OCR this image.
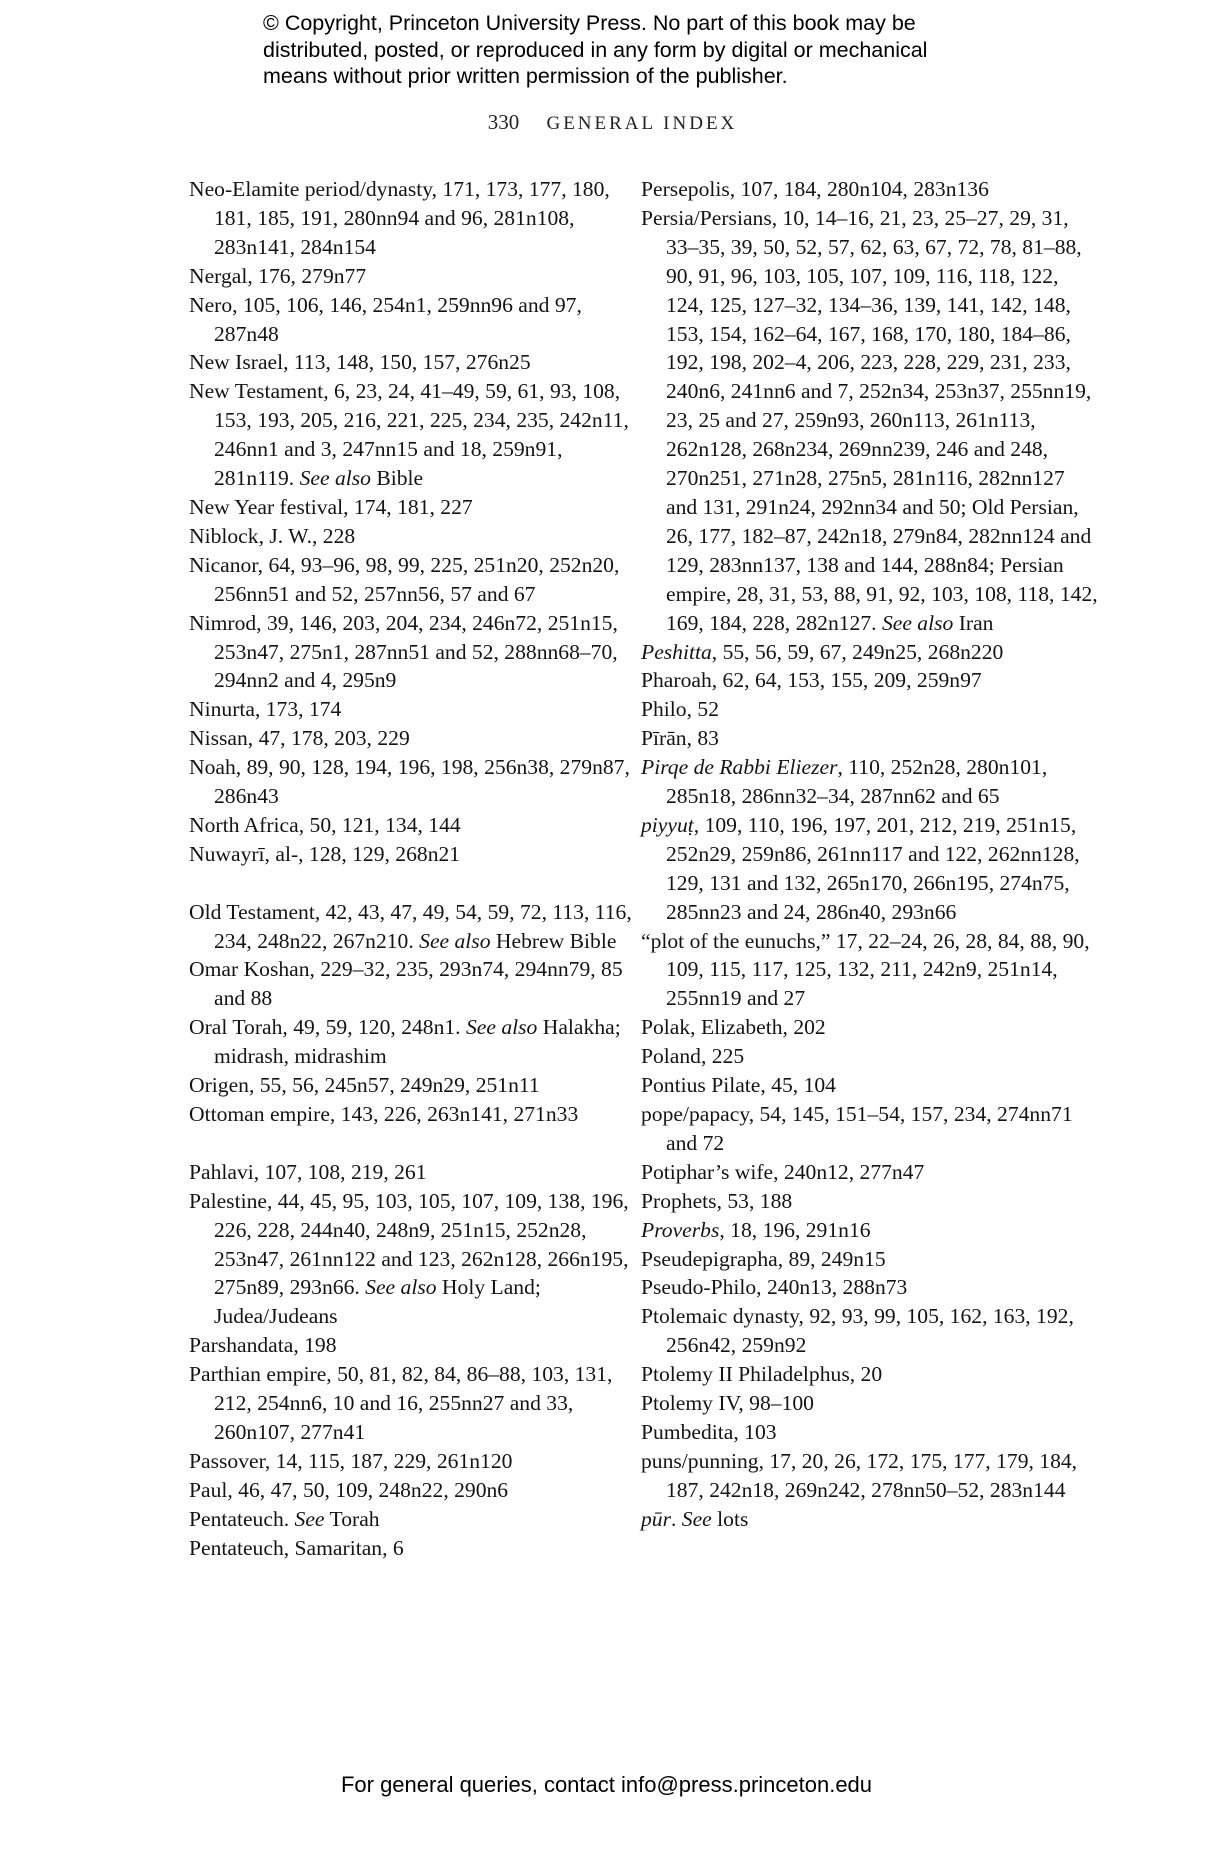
© Copyright, Princeton University Press. No part of this book may be
distributed, posted, or reproduced in any form by digital or mechanical
means without prior written permission of the publisher.
330 GENERAL INDEX
Neo-Elamite period/dynasty, 171, 173, 177, 180, 181, 185, 191, 280nn94 and 96, 281n108, 283n141, 284n154
Nergal, 176, 279n77
Nero, 105, 106, 146, 254n1, 259nn96 and 97, 287n48
New Israel, 113, 148, 150, 157, 276n25
New Testament, 6, 23, 24, 41–49, 59, 61, 93, 108, 153, 193, 205, 216, 221, 225, 234, 235, 242n11, 246nn1 and 3, 247nn15 and 18, 259n91, 281n119. See also Bible
New Year festival, 174, 181, 227
Niblock, J. W., 228
Nicanor, 64, 93–96, 98, 99, 225, 251n20, 252n20, 256nn51 and 52, 257nn56, 57 and 67
Nimrod, 39, 146, 203, 204, 234, 246n72, 251n15, 253n47, 275n1, 287nn51 and 52, 288nn68–70, 294nn2 and 4, 295n9
Ninurta, 173, 174
Nissan, 47, 178, 203, 229
Noah, 89, 90, 128, 194, 196, 198, 256n38, 279n87, 286n43
North Africa, 50, 121, 134, 144
Nuwayrī, al-, 128, 129, 268n21
Old Testament, 42, 43, 47, 49, 54, 59, 72, 113, 116, 234, 248n22, 267n210. See also Hebrew Bible
Omar Koshan, 229–32, 235, 293n74, 294nn79, 85 and 88
Oral Torah, 49, 59, 120, 248n1. See also Halakha; midrash, midrashim
Origen, 55, 56, 245n57, 249n29, 251n11
Ottoman empire, 143, 226, 263n141, 271n33
Pahlavi, 107, 108, 219, 261
Palestine, 44, 45, 95, 103, 105, 107, 109, 138, 196, 226, 228, 244n40, 248n9, 251n15, 252n28, 253n47, 261nn122 and 123, 262n128, 266n195, 275n89, 293n66. See also Holy Land; Judea/Judeans
Parshandata, 198
Parthian empire, 50, 81, 82, 84, 86–88, 103, 131, 212, 254nn6, 10 and 16, 255nn27 and 33, 260n107, 277n41
Passover, 14, 115, 187, 229, 261n120
Paul, 46, 47, 50, 109, 248n22, 290n6
Pentateuch. See Torah
Pentateuch, Samaritan, 6
Persepolis, 107, 184, 280n104, 283n136
Persia/Persians, 10, 14–16, 21, 23, 25–27, 29, 31, 33–35, 39, 50, 52, 57, 62, 63, 67, 72, 78, 81–88, 90, 91, 96, 103, 105, 107, 109, 116, 118, 122, 124, 125, 127–32, 134–36, 139, 141, 142, 148, 153, 154, 162–64, 167, 168, 170, 180, 184–86, 192, 198, 202–4, 206, 223, 228, 229, 231, 233, 240n6, 241nn6 and 7, 252n34, 253n37, 255nn19, 23, 25 and 27, 259n93, 260n113, 261n113, 262n128, 268n234, 269nn239, 246 and 248, 270n251, 271n28, 275n5, 281n116, 282nn127 and 131, 291n24, 292nn34 and 50; Old Persian, 26, 177, 182–87, 242n18, 279n84, 282nn124 and 129, 283nn137, 138 and 144, 288n84; Persian empire, 28, 31, 53, 88, 91, 92, 103, 108, 118, 142, 169, 184, 228, 282n127. See also Iran
Peshitta, 55, 56, 59, 67, 249n25, 268n220
Pharoah, 62, 64, 153, 155, 209, 259n97
Philo, 52
Pīrān, 83
Pirqe de Rabbi Eliezer, 110, 252n28, 280n101, 285n18, 286nn32–34, 287nn62 and 65
piyyuṭ, 109, 110, 196, 197, 201, 212, 219, 251n15, 252n29, 259n86, 261nn117 and 122, 262nn128, 129, 131 and 132, 265n170, 266n195, 274n75, 285nn23 and 24, 286n40, 293n66
“plot of the eunuchs,” 17, 22–24, 26, 28, 84, 88, 90, 109, 115, 117, 125, 132, 211, 242n9, 251n14, 255nn19 and 27
Polak, Elizabeth, 202
Poland, 225
Pontius Pilate, 45, 104
pope/papacy, 54, 145, 151–54, 157, 234, 274nn71 and 72
Potiphar’s wife, 240n12, 277n47
Prophets, 53, 188
Proverbs, 18, 196, 291n16
Pseudepigrapha, 89, 249n15
Pseudo-Philo, 240n13, 288n73
Ptolemaic dynasty, 92, 93, 99, 105, 162, 163, 192, 256n42, 259n92
Ptolemy II Philadelphus, 20
Ptolemy IV, 98–100
Pumbedita, 103
puns/punning, 17, 20, 26, 172, 175, 177, 179, 184, 187, 242n18, 269n242, 278nn50–52, 283n144
pūr. See lots
For general queries, contact info@press.princeton.edu
